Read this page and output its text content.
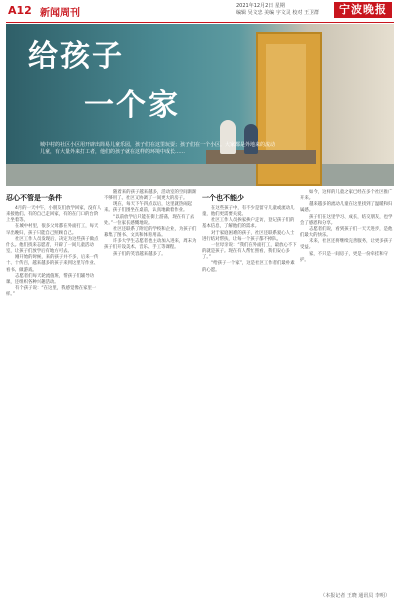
A12 新闻周刊
2021年12月2日 星期
编辑 吴文忠 美编 宇文灵 校对 王卫群	宁波晚报
给孩子
一个家
城中村的社区小区用开辟出简易儿童乐园，孩子们在这里玩耍；孩子们在一个小区。大家都是外地来的流动儿童，有大量外来打工者，他们的孩子就在这样的环境中成长……
忍心不管是一条件

4月的一天中午，小朋友们放学回家，没有人来接他们。有的自己走回家，有的在门口的台阶上坐着等。

在城中村里，很多父母都在外面打工，每天早出晚归，孩子只能自己照顾自己。

社区工作人员发现后，决定为这些孩子做点什么。他们找来志愿者，开辟了一间儿童活动室，让孩子们放学后有地方可去。

刚开始的时候，来的孩子并不多，后来一传十、十传百，越来越多的孩子来到这里写作业、看书、做游戏。

志愿者们每天轮流值班，帮孩子们辅导功课，还组织各种兴趣活动。

有个孩子说：“在这里，我感觉像在家里一样。”

随着来的孩子越来越多，活动室的空间渐渐不够用了。社区又协调了一间更大的房子。

现在，每天下午四点以后，这里就热闹起来。孩子们围坐在桌前，认真地做着作业。

“以前放学后只能在街上游荡，现在有了去处。”一位家长感慨地说。

社区还联系了附近的学校和企业，为孩子们募集了图书、文具和体育用品。

许多大学生志愿者也主动加入进来，周末为孩子们开设美术、音乐、手工等课程。

孩子们的笑容越来越多了。

一个也不能少

在这些孩子中，有不少是留守儿童或流动儿童，他们更需要关爱。

社区工作人员挨家挨户走访，登记孩子们的基本信息，了解他们的需求。

对于家庭困难的孩子，社区还联系爱心人士进行结对帮扶，让每一个孩子都不掉队。

一位母亲说：“我们在外面打工，最放心不下的就是孩子。现在有人帮忙照看，我们安心多了。”

“给孩子一个家”，这是社区工作者们最朴素的心愿。

如今，这样的儿童之家已经在多个社区推广开来。

越来越多的流动儿童在这里找到了温暖和归属感。

孩子们在这里学习、成长，结交朋友，也学会了感恩和分享。

志愿者们说，看到孩子们一天天进步，是他们最大的快乐。

未来，社区还将继续完善服务，让更多孩子受益。

家，不只是一间房子，更是一份牵挂和守护。

（本报记者 王晓 通讯员 李明）
